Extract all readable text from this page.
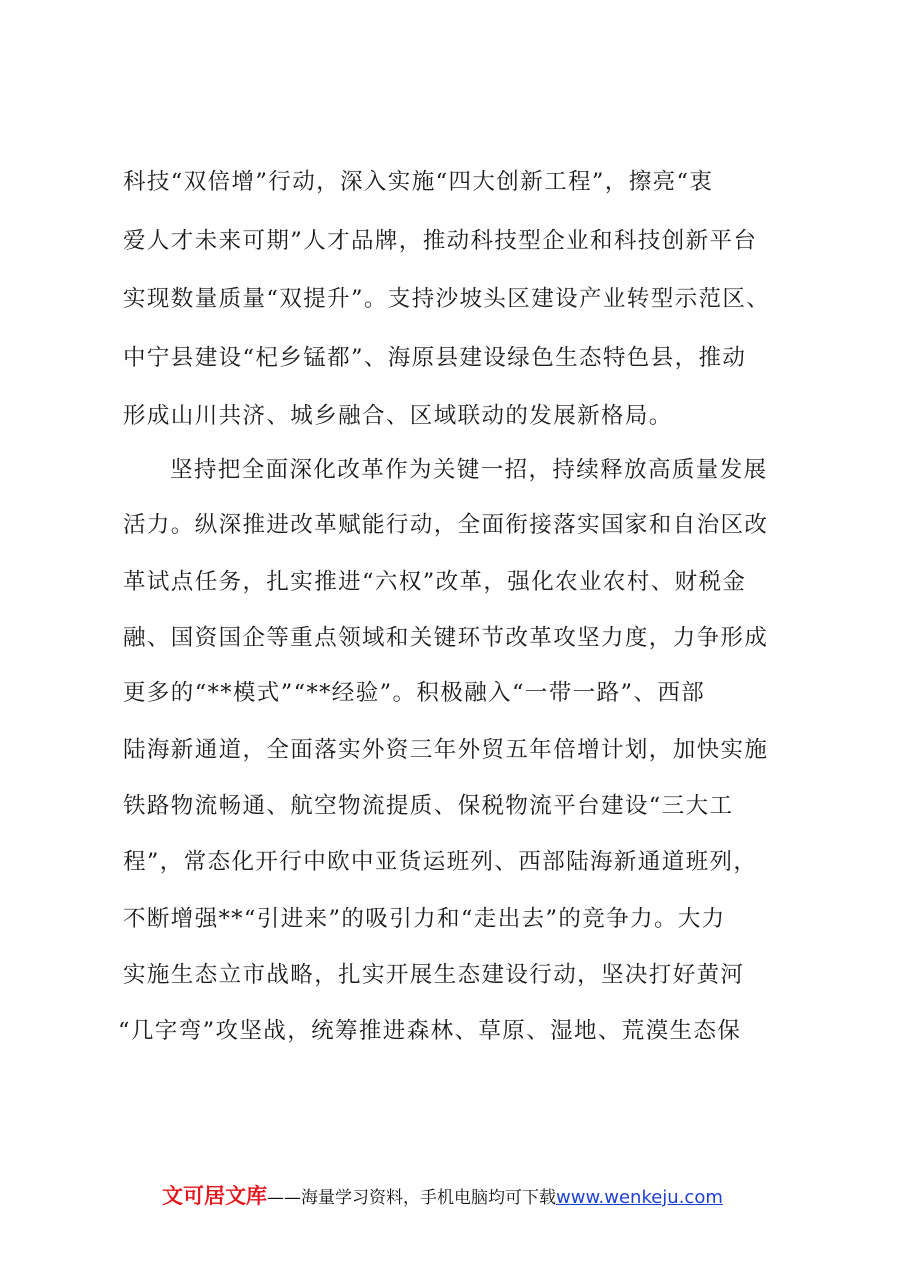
科技“双倍增”行动，深入实施“四大创新工程”，擦亮“衷
爱人才未来可期”人才品牌，推动科技型企业和科技创新平台
实现数量质量“双提升”。支持沙坡头区建设产业转型示范区、
中宁县建设“杞乡锰都”、海原县建设绿色生态特色县，推动
形成山川共济、城乡融合、区域联动的发展新格局。
坚持把全面深化改革作为关键一招，持续释放高质量发展
活力。纵深推进改革赋能行动，全面衔接落实国家和自治区改
革试点任务，扎实推进“六权”改革，强化农业农村、财税金
融、国资国企等重点领域和关键环节改革攻坚力度，力争形成
更多的“**模式”“**经验”。积极融入“一带一路”、西部
陆海新通道，全面落实外资三年外贸五年倍增计划，加快实施
铁路物流畅通、航空物流提质、保税物流平台建设“三大工
程”，常态化开行中欧中亚货运班列、西部陆海新通道班列，
不断增强**“引进来”的吸引力和“走出去”的竞争力。大力
实施生态立市战略，扎实开展生态建设行动，坚决打好黄河
“几字弯”攻坚战，统筹推进森林、草原、湿地、荒漠生态保
文可居文库——海量学习资料，手机电脑均可下载www.wenkeju.com
